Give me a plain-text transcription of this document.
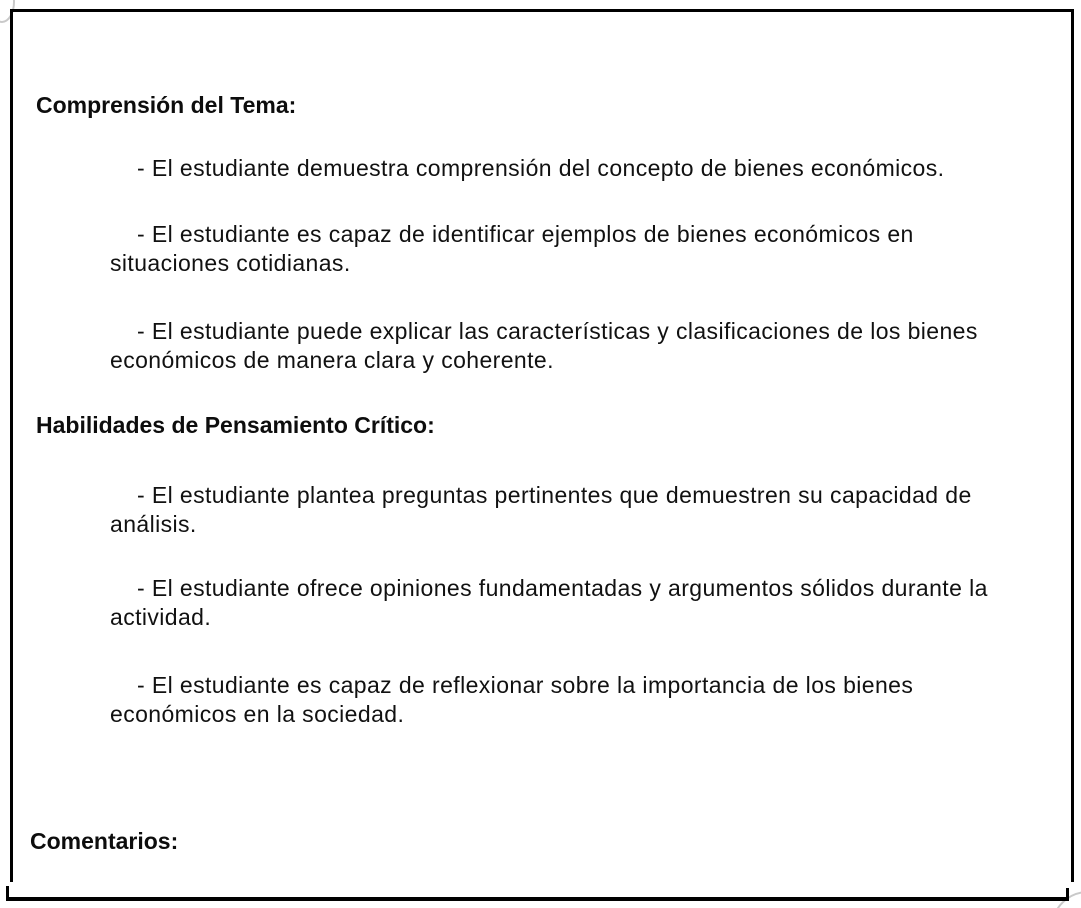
Comprensión del Tema:
- El estudiante demuestra comprensión del concepto de bienes económicos.
- El estudiante es capaz de identificar ejemplos de bienes económicos en
situaciones cotidianas.
- El estudiante puede explicar las características y clasificaciones de los bienes
económicos de manera clara y coherente.
Habilidades de Pensamiento Crítico:
- El estudiante plantea preguntas pertinentes que demuestren su capacidad de
análisis.
- El estudiante ofrece opiniones fundamentadas y argumentos sólidos durante la
actividad.
- El estudiante es capaz de reflexionar sobre la importancia de los bienes
económicos en la sociedad.
Comentarios:
